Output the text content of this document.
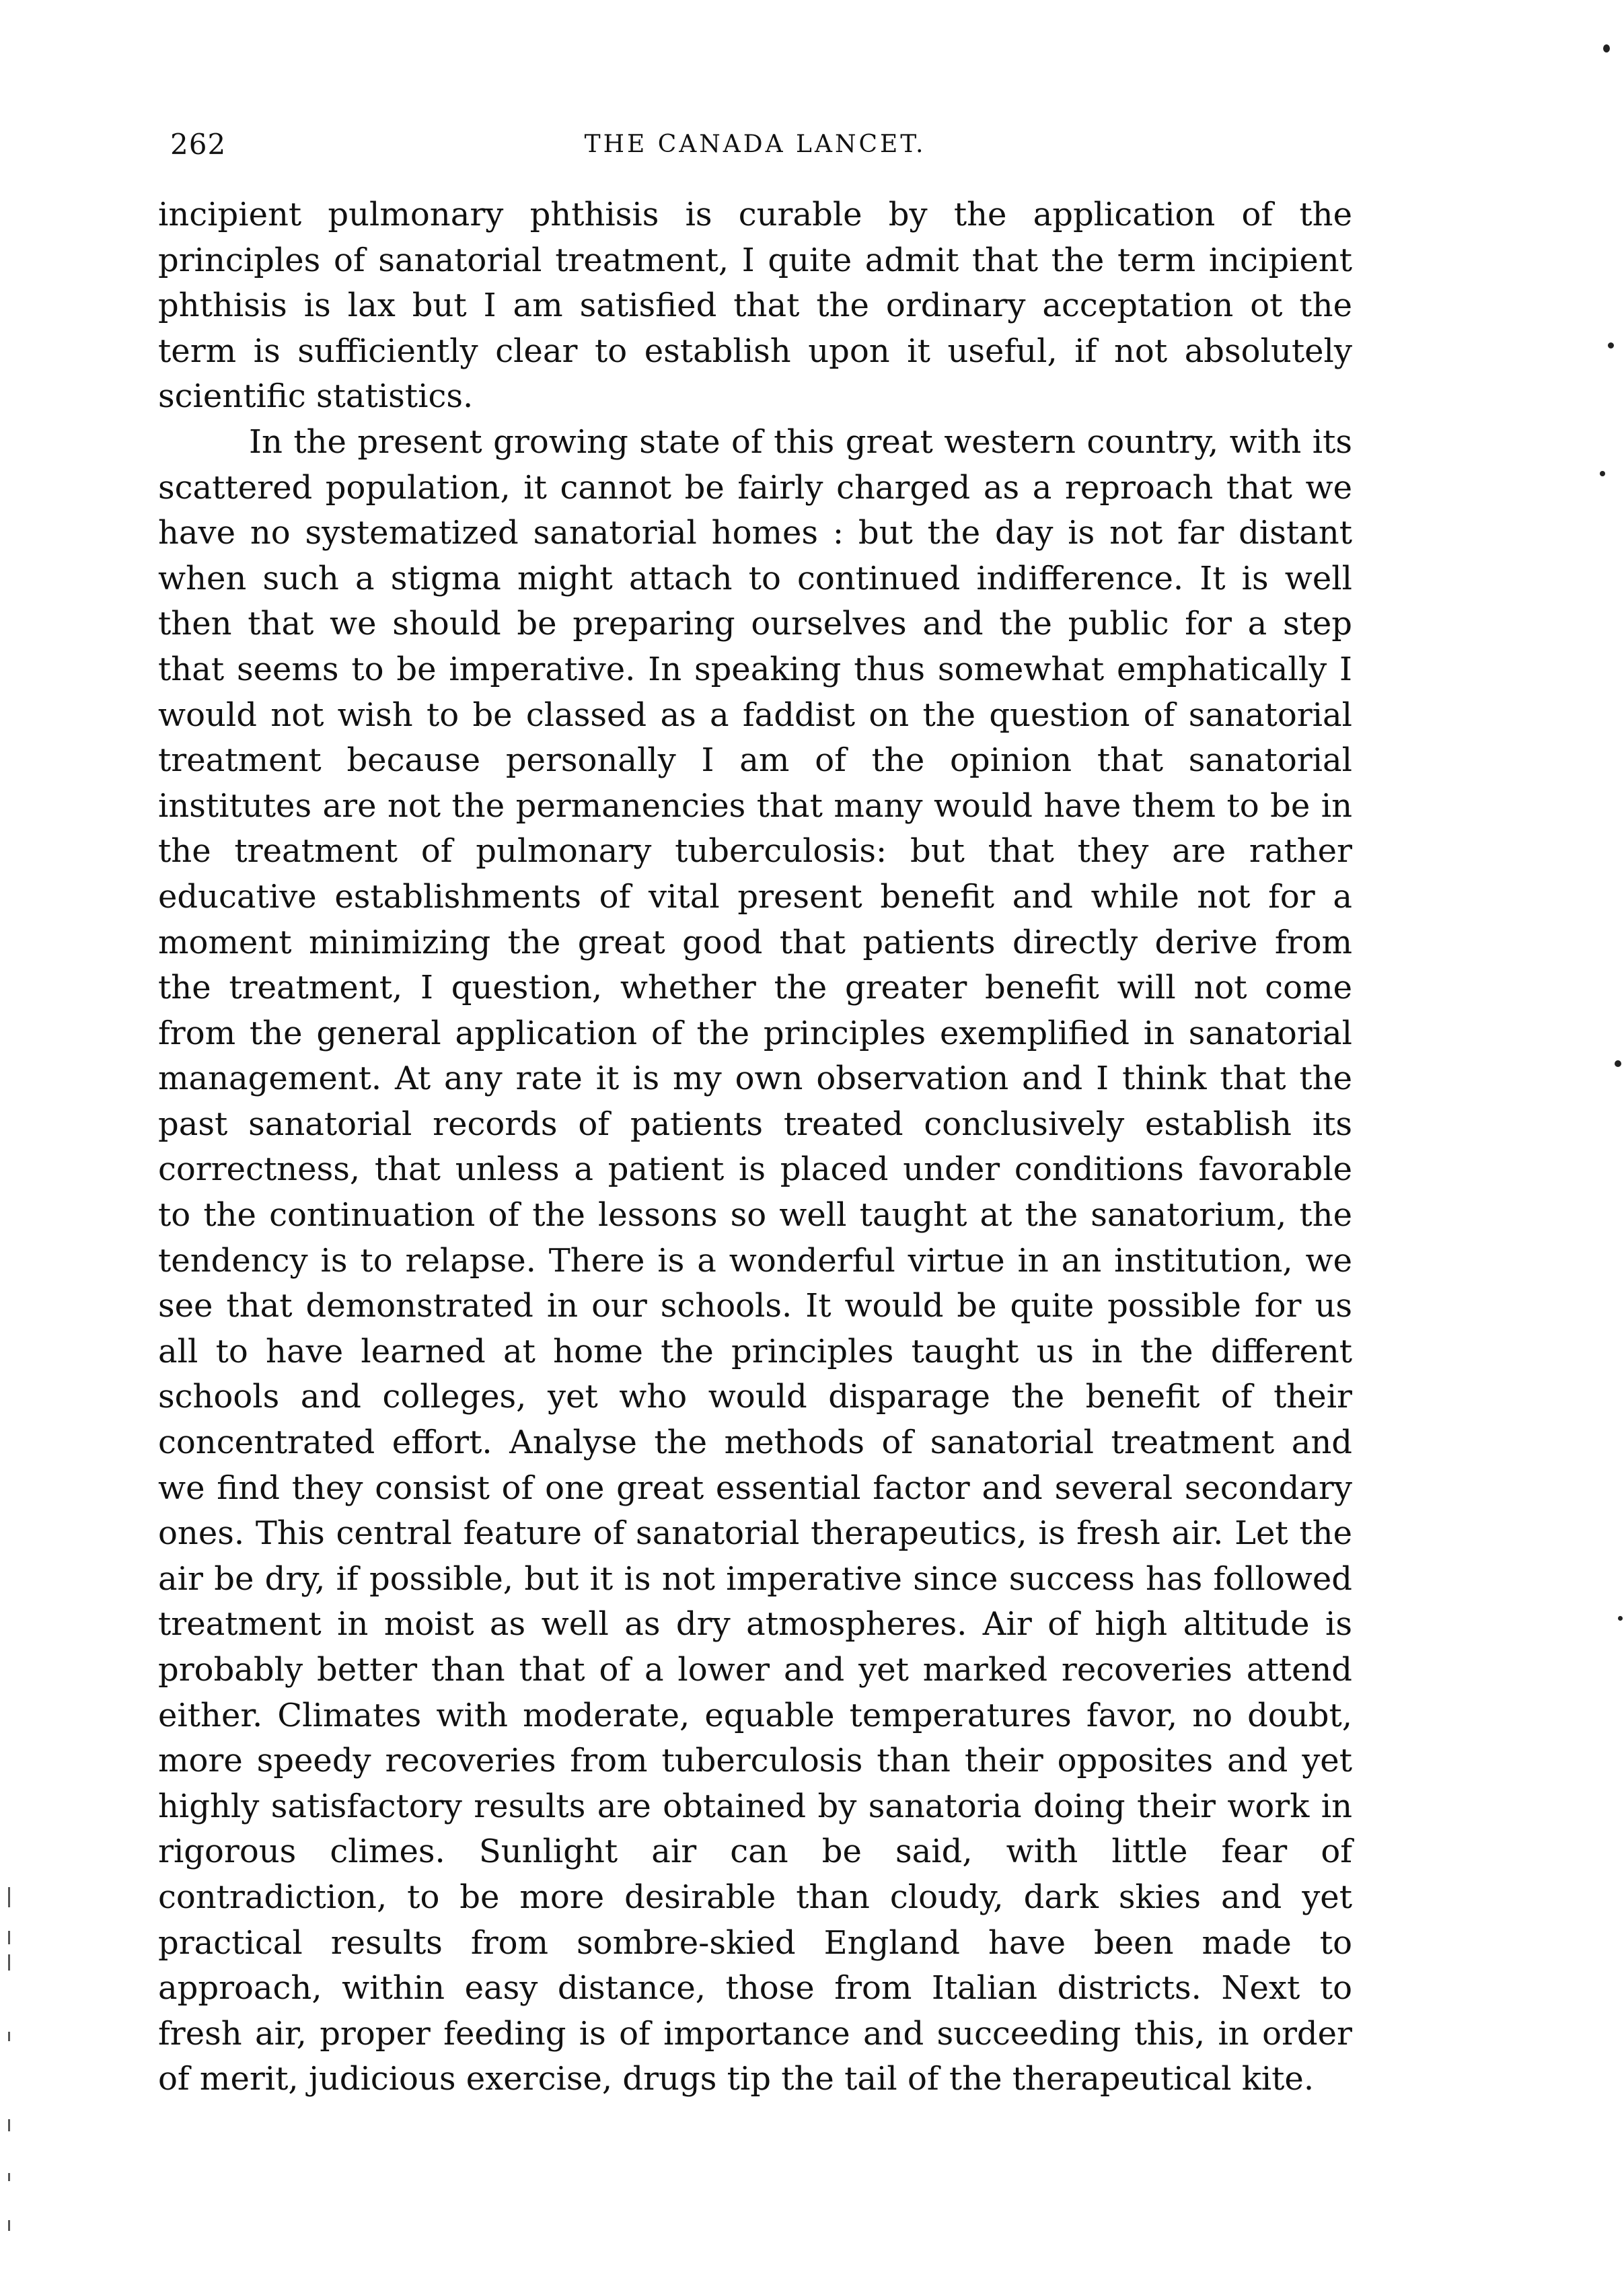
262	THE CANADA LANCET.

incipient pulmonary phthisis is curable by the application of the principles of sanatorial treatment, I quite admit that the term incipient phthisis is lax but I am satisfied that the ordinary acceptation ot the term is sufficiently clear to establish upon it useful, if not absolutely scientific statistics.

In the present growing state of this great western country, with its scattered population, it cannot be fairly charged as a reproach that we have no systematized sanatorial homes : but the day is not far distant when such a stigma might attach to continued indifference. It is well then that we should be preparing ourselves and the public for a step that seems to be imperative. In speaking thus somewhat emphatically I would not wish to be classed as a faddist on the question of sanatorial treatment because personally I am of the opinion that sanatorial institutes are not the permanencies that many would have them to be in the treatment of pulmonary tuberculosis: but that they are rather educative establishments of vital present benefit and while not for a moment minimizing the great good that patients directly derive from the treatment, I question, whether the greater benefit will not come from the general application of the principles exemplified in sanatorial management. At any rate it is my own observation and I think that the past sanatorial records of patients treated conclusively establish its correctness, that unless a patient is placed under conditions favorable to the continuation of the lessons so well taught at the sanatorium, the tendency is to relapse. There is a wonderful virtue in an institution, we see that demonstrated in our schools. It would be quite possible for us all to have learned at home the principles taught us in the different schools and colleges, yet who would disparage the benefit of their concentrated effort. Analyse the methods of sanatorial treatment and we find they consist of one great essential factor and several secondary ones. This central feature of sanatorial therapeutics, is fresh air. Let the air be dry, if possible, but it is not imperative since success has followed treatment in moist as well as dry atmospheres. Air of high altitude is probably better than that of a lower and yet marked recoveries attend either. Climates with moderate, equable temperatures favor, no doubt, more speedy recoveries from tuberculosis than their opposites and yet highly satisfactory results are obtained by sanatoria doing their work in rigorous climes. Sunlight air can be said, with little fear of contradiction, to be more desirable than cloudy, dark skies and yet practical results from sombre-skied England have been made to approach, within easy distance, those from Italian districts. Next to fresh air, proper feeding is of importance and succeeding this, in order of merit, judicious exercise, drugs tip the tail of the therapeutical kite.
